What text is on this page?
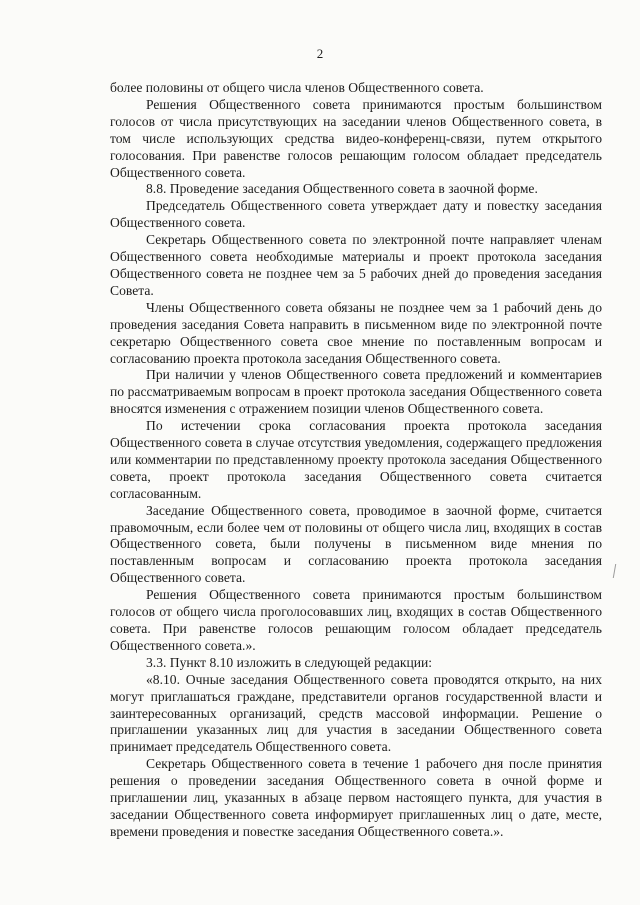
2

более половины от общего числа членов Общественного совета.

Решения Общественного совета принимаются простым большинством голосов от числа присутствующих на заседании членов Общественного совета, в том числе использующих средства видео-конференц-связи, путем открытого голосования. При равенстве голосов решающим голосом обладает председатель Общественного совета.

8.8. Проведение заседания Общественного совета в заочной форме.

Председатель Общественного совета утверждает дату и повестку заседания Общественного совета.

Секретарь Общественного совета по электронной почте направляет членам Общественного совета необходимые материалы и проект протокола заседания Общественного совета не позднее чем за 5 рабочих дней до проведения заседания Совета.

Члены Общественного совета обязаны не позднее чем за 1 рабочий день до проведения заседания Совета направить в письменном виде по электронной почте секретарю Общественного совета свое мнение по поставленным вопросам и согласованию проекта протокола заседания Общественного совета.

При наличии у членов Общественного совета предложений и комментариев по рассматриваемым вопросам в проект протокола заседания Общественного совета вносятся изменения с отражением позиции членов Общественного совета.

По истечении срока согласования проекта протокола заседания Общественного совета в случае отсутствия уведомления, содержащего предложения или комментарии по представленному проекту протокола заседания Общественного совета, проект протокола заседания Общественного совета считается согласованным.

Заседание Общественного совета, проводимое в заочной форме, считается правомочным, если более чем от половины от общего числа лиц, входящих в состав Общественного совета, были получены в письменном виде мнения по поставленным вопросам и согласованию проекта протокола заседания Общественного совета.

Решения Общественного совета принимаются простым большинством голосов от общего числа проголосовавших лиц, входящих в состав Общественного совета. При равенстве голосов решающим голосом обладает председатель Общественного совета.».

3.3. Пункт 8.10 изложить в следующей редакции:

«8.10. Очные заседания Общественного совета проводятся открыто, на них могут приглашаться граждане, представители органов государственной власти и заинтересованных организаций, средств массовой информации. Решение о приглашении указанных лиц для участия в заседании Общественного совета принимает председатель Общественного совета.

Секретарь Общественного совета в течение 1 рабочего дня после принятия решения о проведении заседания Общественного совета в очной форме и приглашении лиц, указанных в абзаце первом настоящего пункта, для участия в заседании Общественного совета информирует приглашенных лиц о дате, месте, времени проведения и повестке заседания Общественного совета.».
